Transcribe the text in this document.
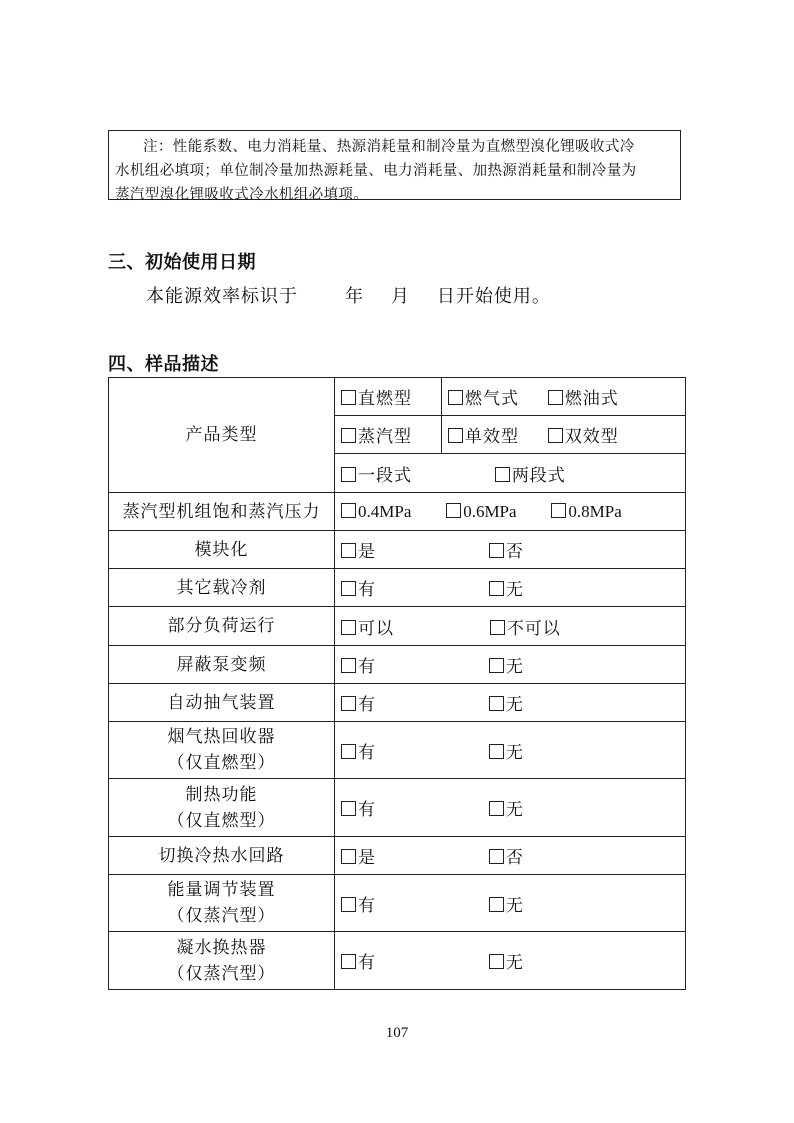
注：性能系数、电力消耗量、热源消耗量和制冷量为直燃型溴化锂吸收式冷
水机组必填项；单位制冷量加热源耗量、电力消耗量、加热源消耗量和制冷量为
蒸汽型溴化锂吸收式冷水机组必填项。
三、初始使用日期
本能源效率标识于	年 月 日开始使用。
四、样品描述
产品类型	直燃型	燃气式 燃油式
	蒸汽型	单效型 双效型
	一段式 两段式	
蒸汽型机组饱和蒸汽压力	0.4MPa 0.6MPa 0.8MPa	
模块化	是 否	
其它载冷剂	有 无	
部分负荷运行	可以 不可以	
屏蔽泵变频	有 无	
自动抽气装置	有 无	
烟气热回收器
（仅直燃型）	有 无	
制热功能
（仅直燃型）	有 无	
切换冷热水回路	是 否	
能量调节装置
（仅蒸汽型）	有 无	
凝水换热器
（仅蒸汽型）	有 无	
107
